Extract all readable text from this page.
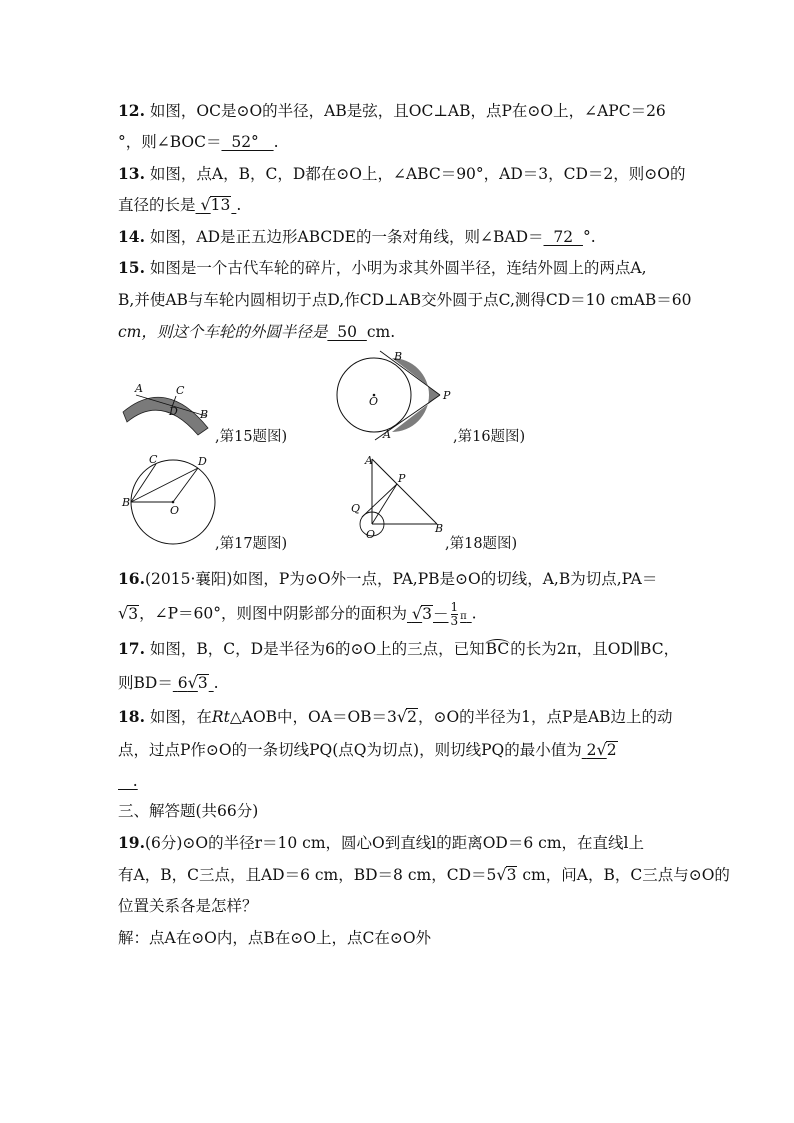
12. 如图，OC是⊙O的半径，AB是弦，且OC⊥AB，点P在⊙O上，∠APC＝26
°，则∠BOC＝  52°   .
13. 如图，点A，B，C，D都在⊙O上，∠ABC＝90°，AD＝3，CD＝2，则⊙O的
直径的长是 √13 .
14. 如图，AD是正五边形ABCDE的一条对角线，则∠BAD＝  72  °.
15. 如图是一个古代车轮的碎片，小明为求其外圆半径，连结外圆上的两点A,
B,并使AB与车轮内圆相切于点D,作CD⊥AB交外圆于点C,测得CD＝10 cmAB＝60
cm，则这个车轮的外圆半径是  50  cm.
A	C
D B
,第15题图)
B
O	P
A	,第16题图)
C	D
B
O
,第17题图)
A
P
Q
B
O
,第18题图)
16.(2015·襄阳)如图，P为⊙O外一点，PA,PB是⊙O的切线，A,B为切点,PA＝
√3，∠P＝60°，则图中阴影部分的面积为 $√3- \frac{1}{3}$ π .
17. 如图，B，C，D是半径为6的⊙O上的三点，已知BC的长为2π，且OD∥BC，
则BD＝ 6√3 .
18. 如图，在Rt△AOB中，OA＝OB＝3√2，⊙O的半径为1，点P是AB边上的动
点，过点P作⊙O的一条切线PQ(点Q为切点)，则切线PQ的最小值为 2√2
.
三、解答题(共66分)
19.(6分)⊙O的半径r＝10 cm，圆心O到直线l的距离OD＝6 cm，在直线l上
有A，B，C三点，且AD＝6 cm，BD＝8 cm，CD＝5√3 cm，问A，B，C三点与⊙O的
位置关系各是怎样？
解：点A在⊙O内，点B在⊙O上，点C在⊙O外
